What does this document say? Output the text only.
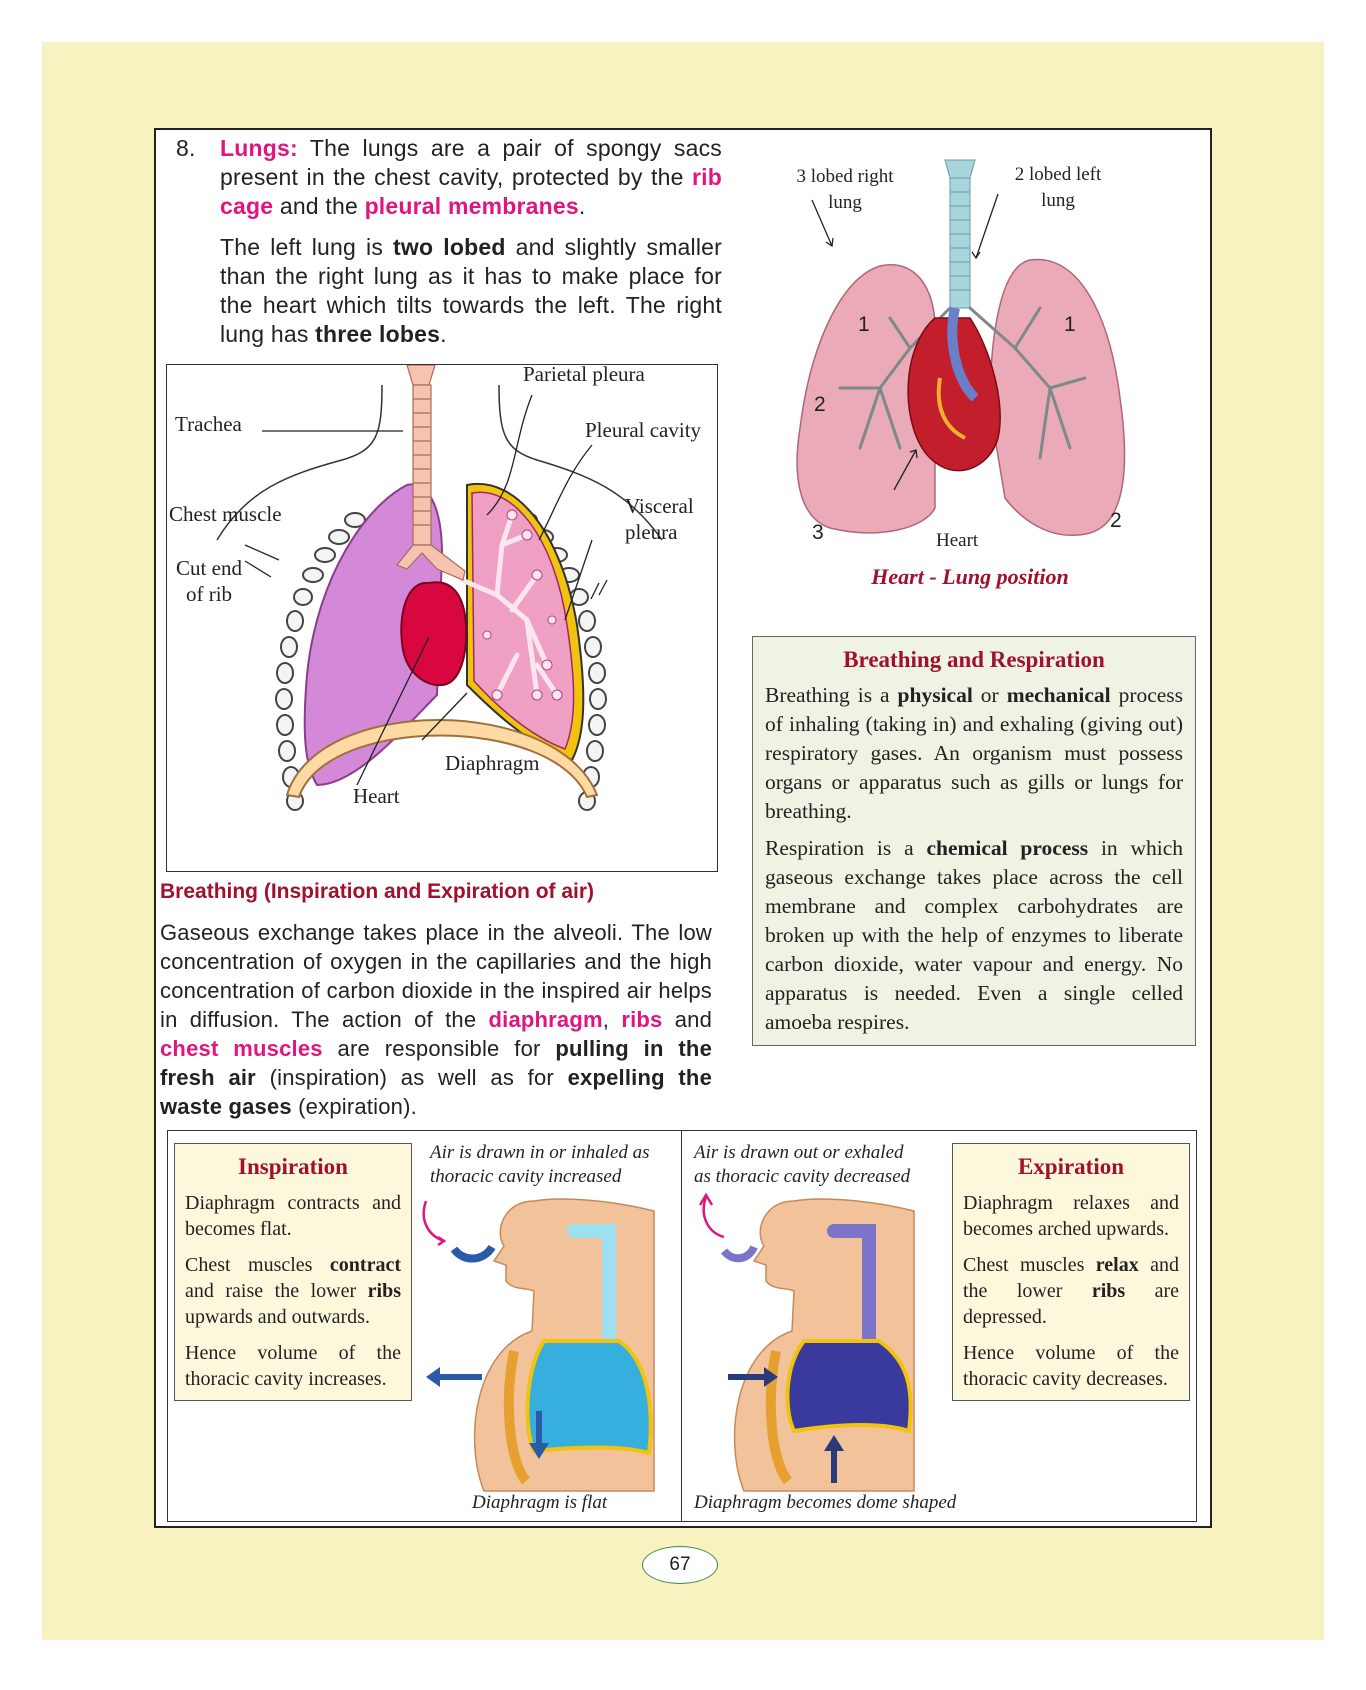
8.	Lungs: The lungs are a pair of spongy sacs present in the chest cavity, protected by the rib cage and the pleural membranes.
The left lung is two lobed and slightly smaller than the right lung as it has to make place for the heart which tilts towards the left. The right lung has three lobes.
Trachea
Parietal pleura
Pleural cavity
Visceral pleura
Chest muscle
Cut end of rib
Diaphragm
Heart
3 lobed right lung
2 lobed left lung
1
2
3
1
2
Heart
Heart - Lung position
Breathing (Inspiration and Expiration of air)
Gaseous exchange takes place in the alveoli. The low concentration of oxygen in the capillaries and the high concentration of carbon dioxide in the inspired air helps in diffusion. The action of the diaphragm, ribs and chest muscles are responsible for pulling in the fresh air (inspiration) as well as for expelling the waste gases (expiration).
Breathing and Respiration

Breathing is a physical or mechanical process of inhaling (taking in) and exhaling (giving out) respiratory gases. An organism must possess organs or apparatus such as gills or lungs for breathing.

Respiration is a chemical process in which gaseous exchange takes place across the cell membrane and complex carbohydrates are broken up with the help of enzymes to liberate carbon dioxide, water vapour and energy. No apparatus is needed. Even a single celled amoeba respires.

Inspiration

Diaphragm contracts and becomes flat.

Chest muscles contract and raise the lower ribs upwards and outwards.

Hence volume of the thoracic cavity increases.

Air is drawn in or inhaled as thoracic cavity increased
Diaphragm is flat
Air is drawn out or exhaled as thoracic cavity decreased
Diaphragm becomes dome shaped
Expiration

Diaphragm relaxes and becomes arched upwards.

Chest muscles relax and the lower ribs are depressed.

Hence volume of the thoracic cavity decreases.

67
